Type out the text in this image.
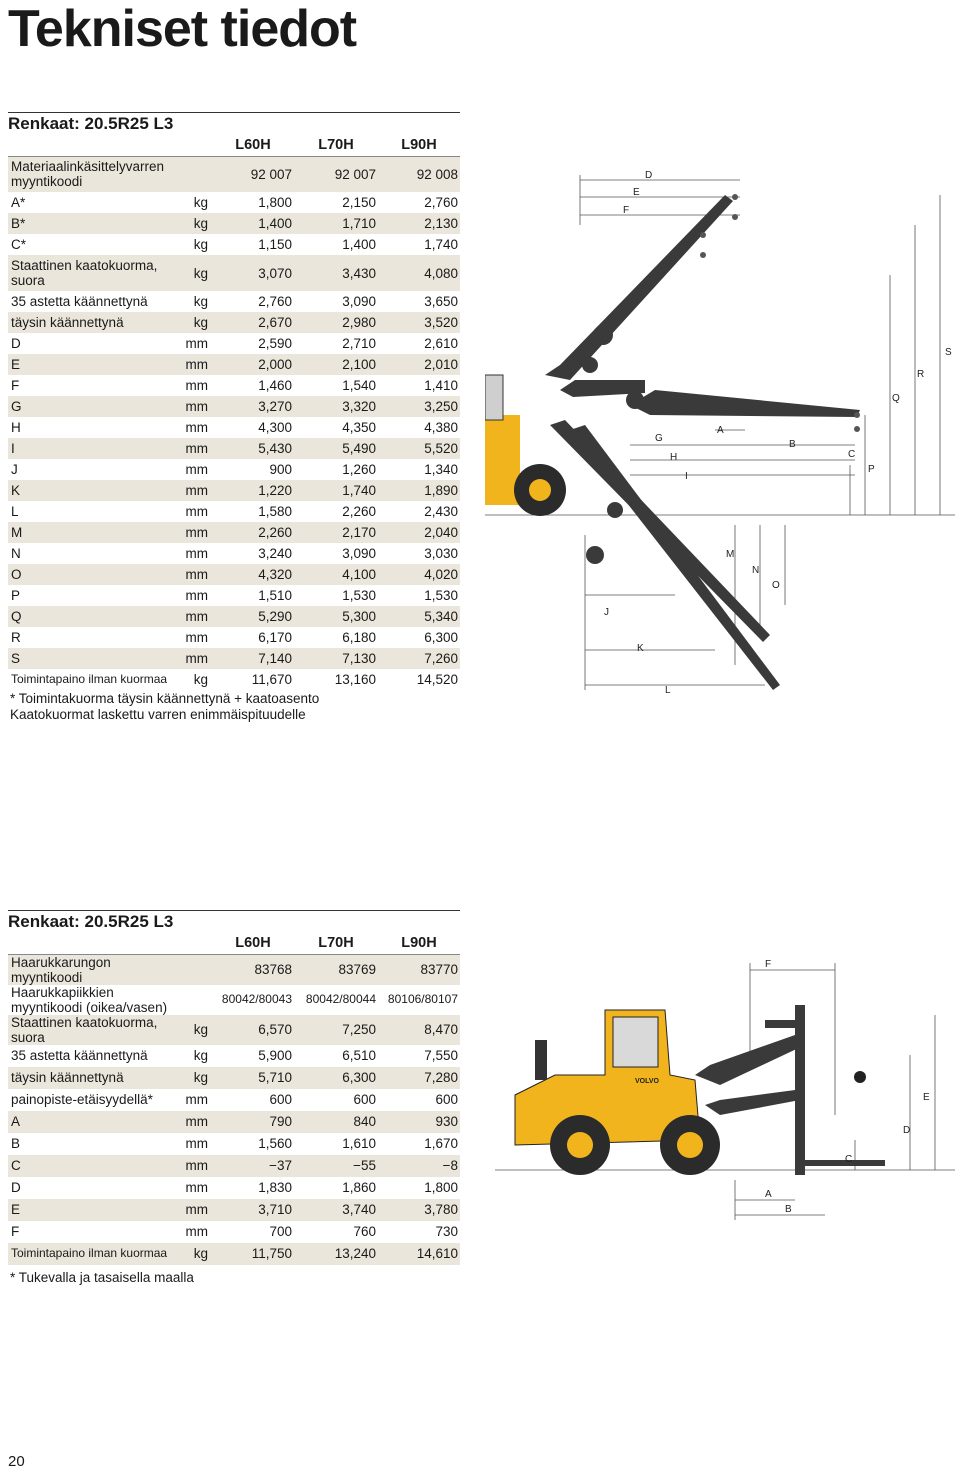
Tekniset tiedot
Renkaat: 20.5R25 L3
		L60H	L70H	L90H
Materiaalinkäsittelyvarren myyntikoodi		92 007	92 007	92 008
A*	kg	1,800	2,150	2,760
B*	kg	1,400	1,710	2,130
C*	kg	1,150	1,400	1,740
Staattinen kaatokuorma, suora	kg	3,070	3,430	4,080
35 astetta käännettynä	kg	2,760	3,090	3,650
täysin käännettynä	kg	2,670	2,980	3,520
D	mm	2,590	2,710	2,610
E	mm	2,000	2,100	2,010
F	mm	1,460	1,540	1,410
G	mm	3,270	3,320	3,250
H	mm	4,300	4,350	4,380
I	mm	5,430	5,490	5,520
J	mm	900	1,260	1,340
K	mm	1,220	1,740	1,890
L	mm	1,580	2,260	2,430
M	mm	2,260	2,170	2,040
N	mm	3,240	3,090	3,030
O	mm	4,320	4,100	4,020
P	mm	1,510	1,530	1,530
Q	mm	5,290	5,300	5,340
R	mm	6,170	6,180	6,300
S	mm	7,140	7,130	7,260
Toimintapaino ilman kuormaa	kg	11,670	13,160	14,520
* Toimintakuorma täysin käännettynä + kaatoasento
Kaatokuormat laskettu varren enimmäispituudelle
Renkaat: 20.5R25 L3
		L60H	L70H	L90H
Haarukkarungon myyntikoodi		83768	83769	83770
Haarukkapiikkien myyntikoodi (oikea/vasen)		80042/80043	80042/80044	80106/80107
Staattinen kaatokuorma, suora	kg	6,570	7,250	8,470
35 astetta käännettynä	kg	5,900	6,510	7,550
täysin käännettynä	kg	5,710	6,300	7,280
painopiste-etäisyydellä*	mm	600	600	600
A	mm	790	840	930
B	mm	1,560	1,610	1,670
C	mm	−37	−55	−8
D	mm	1,830	1,860	1,800
E	mm	3,710	3,740	3,780
F	mm	700	760	730
Toimintapaino ilman kuormaa	kg	11,750	13,240	14,610
* Tukevalla ja tasaisella maalla
20
D
E
F
S
R
Q
A
B
C
G
H
I
P
M
N
O
J
K
L
VOLVO
F
E
D
C
A
B
